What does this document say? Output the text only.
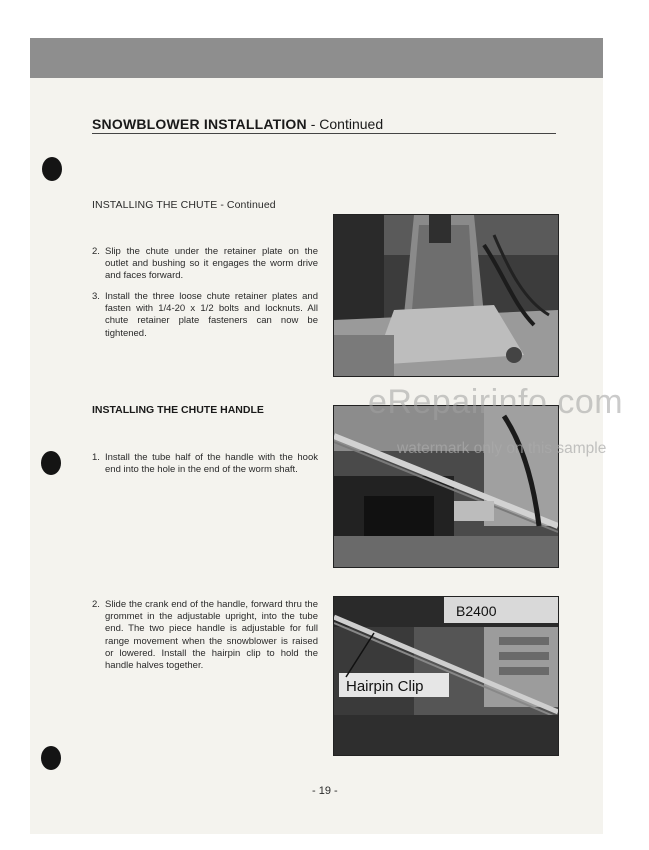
SNOWBLOWER INSTALLATION - Continued
INSTALLING THE CHUTE - Continued
2. Slip the chute under the retainer plate on the outlet and bushing so it engages the worm drive and faces forward.
3. Install the three loose chute retainer plates and fasten with 1/4-20 x 1/2 bolts and locknuts. All chute retainer plate fasteners can now be tightened.
INSTALLING THE CHUTE HANDLE
1. Install the tube half of the handle with the hook end into the hole in the end of the worm shaft.
2. Slide the crank end of the handle, forward thru the grommet in the adjustable upright, into the tube end. The two piece handle is adjustable for full range movement when the snowblower is raised or lowered. Install the hairpin clip to hold the handle halves together.
B2400
Hairpin Clip
eRepairinfo.com
watermark only on this sample
- 19 -
